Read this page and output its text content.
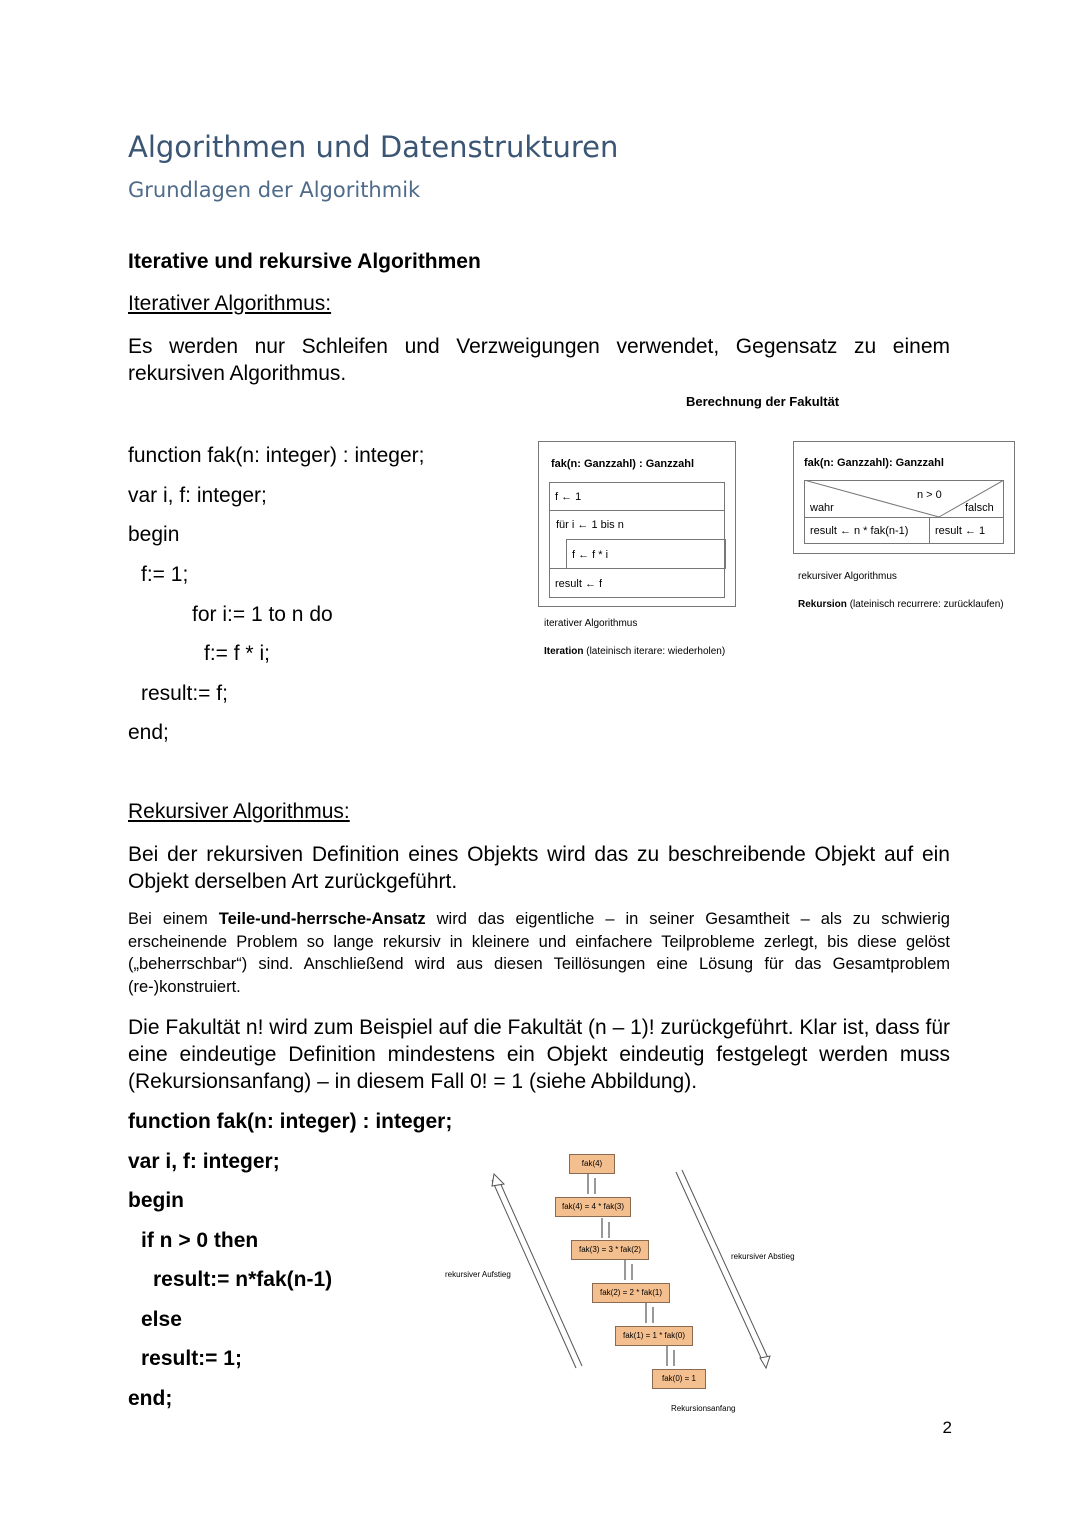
Algorithmen und Datenstrukturen
Grundlagen der Algorithmik
Iterative und rekursive Algorithmen
Iterativer Algorithmus:
Es werden nur Schleifen und Verzweigungen verwendet, Gegensatz zu einem rekursiven Algorithmus.
Berechnung der Fakultät
function fak(n: integer) : integer;
var i, f: integer;
begin
f:= 1;
for i:= 1 to n do
f:= f * i;
result:= f;
end;
fak(n: Ganzzahl) : Ganzzahl
f ← 1
für i ← 1 bis n
f ← f * i
result ← f
iterativer Algorithmus
Iteration (lateinisch iterare: wiederholen)
fak(n: Ganzzahl): Ganzzahl
n > 0
wahr	falsch
result ← n * fak(n-1)	result ← 1
rekursiver Algorithmus
Rekursion (lateinisch recurrere: zurücklaufen)
Rekursiver Algorithmus:
Bei der rekursiven Definition eines Objekts wird das zu beschreibende Objekt auf ein Objekt derselben Art zurückgeführt.
Bei einem Teile-und-herrsche-Ansatz wird das eigentliche – in seiner Gesamtheit – als zu schwierig erscheinende Problem so lange rekursiv in kleinere und einfachere Teilprobleme zerlegt, bis diese gelöst („beherrschbar“) sind. Anschließend wird aus diesen Teillösungen eine Lösung für das Gesamtproblem (re-)konstruiert.
Die Fakultät n! wird zum Beispiel auf die Fakultät (n – 1)! zurückgeführt. Klar ist, dass für eine eindeutige Definition mindestens ein Objekt eindeutig festgelegt werden muss (Rekursionsanfang) – in diesem Fall 0! = 1 (siehe Abbildung).
function fak(n: integer) : integer;
var i, f: integer;
begin
if n > 0 then
result:= n*fak(n-1)
else
result:= 1;
end;
fak(4)
fak(4) = 4 * fak(3)
fak(3) = 3 * fak(2)
fak(2) = 2 * fak(1)
fak(1) = 1 * fak(0)
fak(0) = 1
rekursiver Aufstieg
rekursiver Abstieg
Rekursionsanfang
2
